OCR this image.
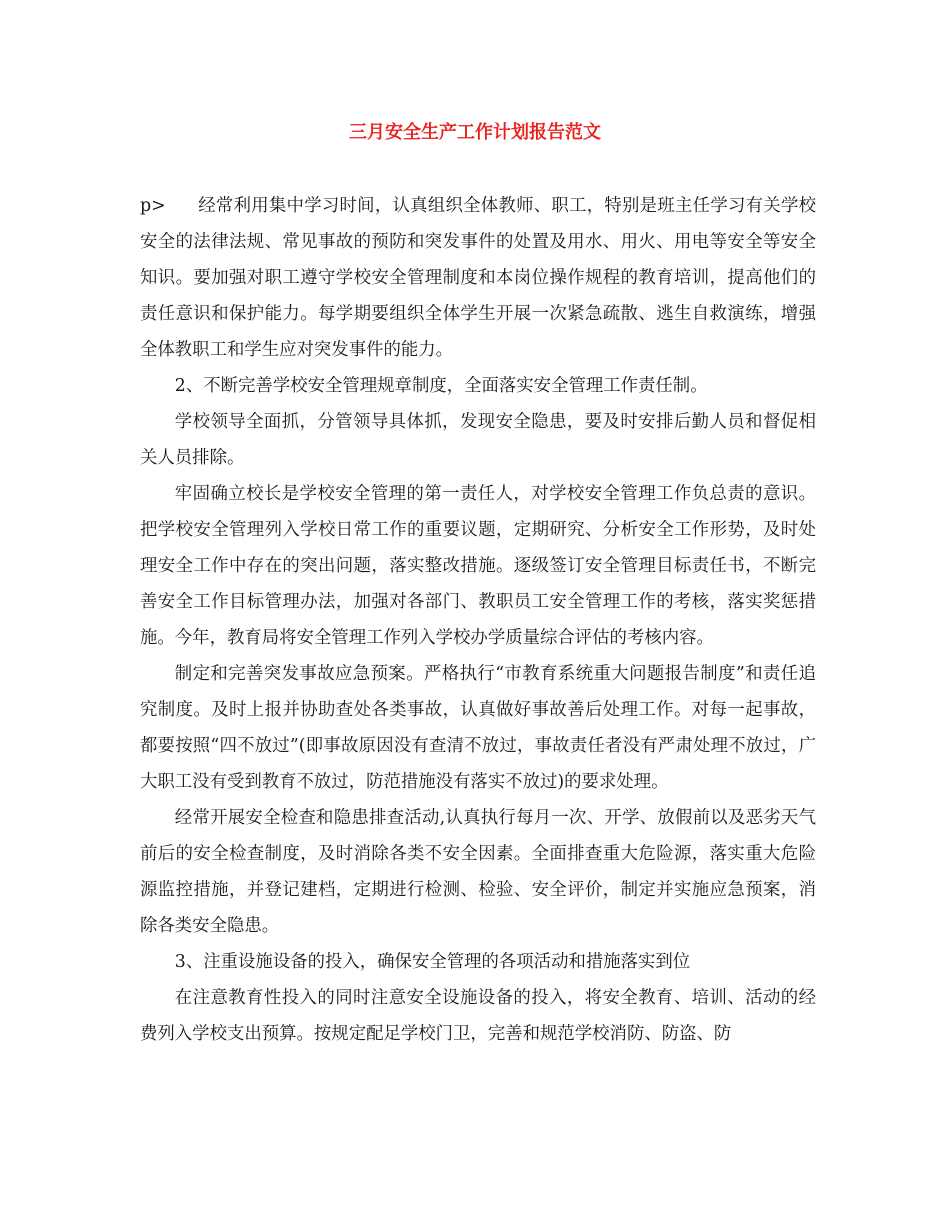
三月安全生产工作计划报告范文

p> 经常利用集中学习时间，认真组织全体教师、职工，特别是班主任学习有关学校安全的法律法规、常见事故的预防和突发事件的处置及用水、用火、用电等安全等安全知识。要加强对职工遵守学校安全管理制度和本岗位操作规程的教育培训，提高他们的责任意识和保护能力。每学期要组织全体学生开展一次紧急疏散、逃生自救演练，增强全体教职工和学生应对突发事件的能力。

2、不断完善学校安全管理规章制度，全面落实安全管理工作责任制。

学校领导全面抓，分管领导具体抓，发现安全隐患，要及时安排后勤人员和督促相关人员排除。

牢固确立校长是学校安全管理的第一责任人，对学校安全管理工作负总责的意识。把学校安全管理列入学校日常工作的重要议题，定期研究、分析安全工作形势，及时处理安全工作中存在的突出问题，落实整改措施。逐级签订安全管理目标责任书，不断完善安全工作目标管理办法，加强对各部门、教职员工安全管理工作的考核，落实奖惩措施。今年，教育局将安全管理工作列入学校办学质量综合评估的考核内容。

制定和完善突发事故应急预案。严格执行“市教育系统重大问题报告制度”和责任追究制度。及时上报并协助查处各类事故，认真做好事故善后处理工作。对每一起事故，都要按照“四不放过”(即事故原因没有查清不放过，事故责任者没有严肃处理不放过，广大职工没有受到教育不放过，防范措施没有落实不放过)的要求处理。

经常开展安全检查和隐患排查活动,认真执行每月一次、开学、放假前以及恶劣天气前后的安全检查制度，及时消除各类不安全因素。全面排查重大危险源，落实重大危险源监控措施，并登记建档，定期进行检测、检验、安全评价，制定并实施应急预案，消除各类安全隐患。

3、注重设施设备的投入，确保安全管理的各项活动和措施落实到位

在注意教育性投入的同时注意安全设施设备的投入，将安全教育、培训、活动的经费列入学校支出预算。按规定配足学校门卫，完善和规范学校消防、防盗、防
